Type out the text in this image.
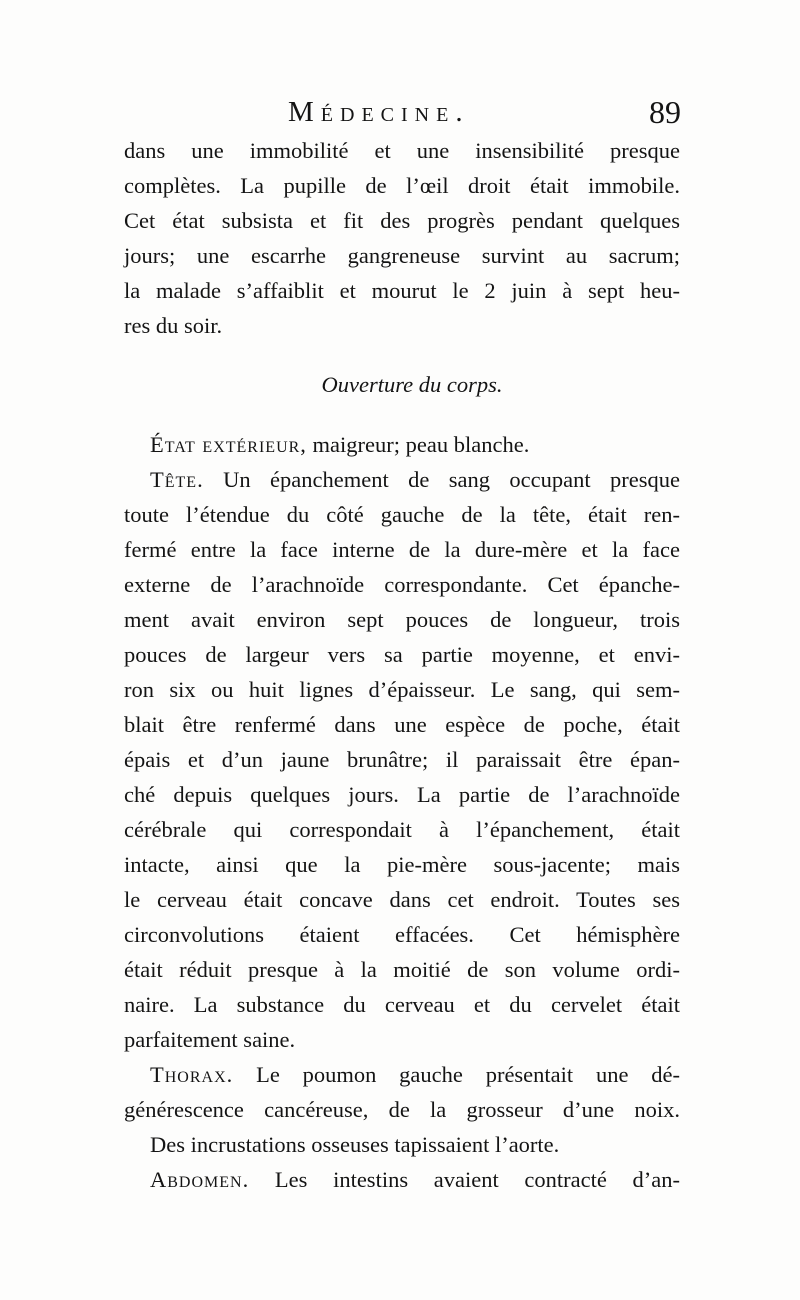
Médecine.	89
dans une immobilité et une insensibilité presque
complètes. La pupille de l’œil droit était immobile.
Cet état subsista et fit des progrès pendant quelques
jours; une escarrhe gangreneuse survint au sacrum;
la malade s’affaiblit et mourut le 2 juin à sept heu-
res du soir.
Ouverture du corps.
État extérieur, maigreur; peau blanche.
Tête. Un épanchement de sang occupant presque
toute l’étendue du côté gauche de la tête, était ren-
fermé entre la face interne de la dure-mère et la face
externe de l’arachnoïde correspondante. Cet épanche-
ment avait environ sept pouces de longueur, trois
pouces de largeur vers sa partie moyenne, et envi-
ron six ou huit lignes d’épaisseur. Le sang, qui sem-
blait être renfermé dans une espèce de poche, était
épais et d’un jaune brunâtre; il paraissait être épan-
ché depuis quelques jours. La partie de l’arachnoïde
cérébrale qui correspondait à l’épanchement, était
intacte, ainsi que la pie-mère sous-jacente; mais
le cerveau était concave dans cet endroit. Toutes ses
circonvolutions étaient effacées. Cet hémisphère
était réduit presque à la moitié de son volume ordi-
naire. La substance du cerveau et du cervelet était
parfaitement saine.
Thorax. Le poumon gauche présentait une dé-
générescence cancéreuse, de la grosseur d’une noix.
Des incrustations osseuses tapissaient l’aorte.
Abdomen. Les intestins avaient contracté d’an-
